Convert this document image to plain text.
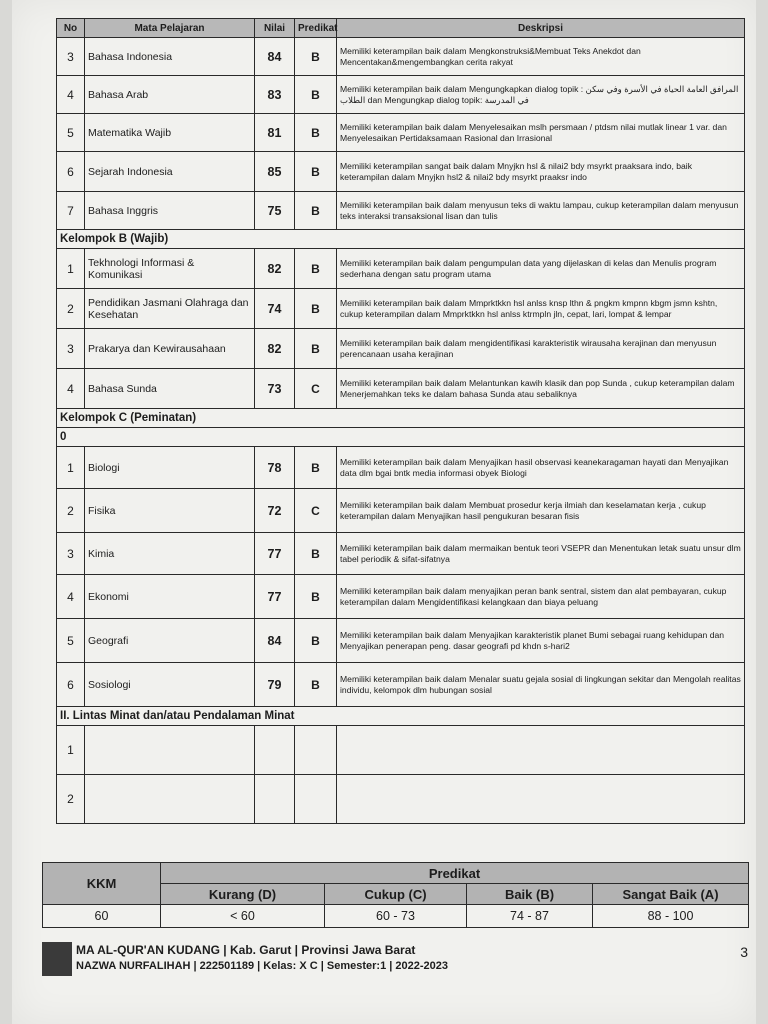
No	Mata Pelajaran	Nilai	Predikat	Deskripsi
3	Bahasa Indonesia	84	B	Memiliki keterampilan baik dalam Mengkonstruksi&Membuat Teks Anekdot dan Mencentakan&mengembangkan cerita rakyat
4	Bahasa Arab	83	B	Memiliki keterampilan baik dalam Mengungkapkan dialog topik : المرافق العامة الحياة في الأسرة وفي سكن الطلاب dan Mengungkap dialog topik: في المدرسة
5	Matematika Wajib	81	B	Memiliki keterampilan baik dalam Menyelesaikan mslh persmaan / ptdsm nilai mutlak linear 1 var. dan Menyelesaikan Pertidaksamaan Rasional dan Irrasional
6	Sejarah Indonesia	85	B	Memiliki keterampilan sangat baik dalam Mnyjkn hsl & nilai2 bdy msyrkt praaksara indo, baik keterampilan dalam Mnyjkn hsl2 & nilai2 bdy msyrkt praaksr indo
7	Bahasa Inggris	75	B	Memiliki keterampilan baik dalam menyusun teks di waktu lampau, cukup keterampilan dalam menyusun teks interaksi transaksional lisan dan tulis
Kelompok B (Wajib)				
1	Tekhnologi Informasi & Komunikasi	82	B	Memiliki keterampilan baik dalam pengumpulan data yang dijelaskan di kelas dan Menulis program sederhana dengan satu program utama
2	Pendidikan Jasmani Olahraga dan Kesehatan	74	B	Memiliki keterampilan baik dalam Mmprktkkn hsl anlss knsp lthn & pngkm kmpnn kbgm jsmn kshtn, cukup keterampilan dalam Mmprktkkn hsl anlss ktrmpln jln, cepat, lari, lompat & lempar
3	Prakarya dan Kewirausahaan	82	B	Memiliki keterampilan baik dalam mengidentifikasi karakteristik wirausaha kerajinan dan menyusun perencanaan usaha kerajinan
4	Bahasa Sunda	73	C	Memiliki keterampilan baik dalam Melantunkan kawih klasik dan pop Sunda , cukup keterampilan dalam Menerjemahkan teks ke dalam bahasa Sunda atau sebaliknya
Kelompok C (Peminatan)				
0				
1	Biologi	78	B	Memiliki keterampilan baik dalam Menyajikan hasil observasi keanekaragaman hayati dan Menyajikan data dlm bgai bntk media informasi obyek Biologi
2	Fisika	72	C	Memiliki keterampilan baik dalam Membuat prosedur kerja ilmiah dan keselamatan kerja , cukup keterampilan dalam Menyajikan hasil pengukuran besaran fisis
3	Kimia	77	B	Memiliki keterampilan baik dalam mermaikan bentuk teori VSEPR dan Menentukan letak suatu unsur dlm tabel periodik & sifat-sifatnya
4	Ekonomi	77	B	Memiliki keterampilan baik dalam menyajikan peran bank sentral, sistem dan alat pembayaran, cukup keterampilan dalam Mengidentifikasi kelangkaan dan biaya peluang
5	Geografi	84	B	Memiliki keterampilan baik dalam Menyajikan karakteristik planet Bumi sebagai ruang kehidupan dan Menyajikan penerapan peng. dasar geografi pd khdn s-hari2
6	Sosiologi	79	B	Memiliki keterampilan baik dalam Menalar suatu gejala sosial di lingkungan sekitar dan Mengolah realitas individu, kelompok dlm hubungan sosial
II. Lintas Minat dan/atau Pendalaman Minat				
1				
2				
KKM	Predikat			
	Kurang (D)	Cukup (C)	Baik (B)	Sangat Baik (A)
60	< 60	60 - 73	74 - 87	88 - 100
MA AL-QUR'AN KUDANG | Kab. Garut | Provinsi Jawa Barat
NAZWA NURFALIHAH | 222501189 | Kelas: X C | Semester:1 | 2022-2023
3
